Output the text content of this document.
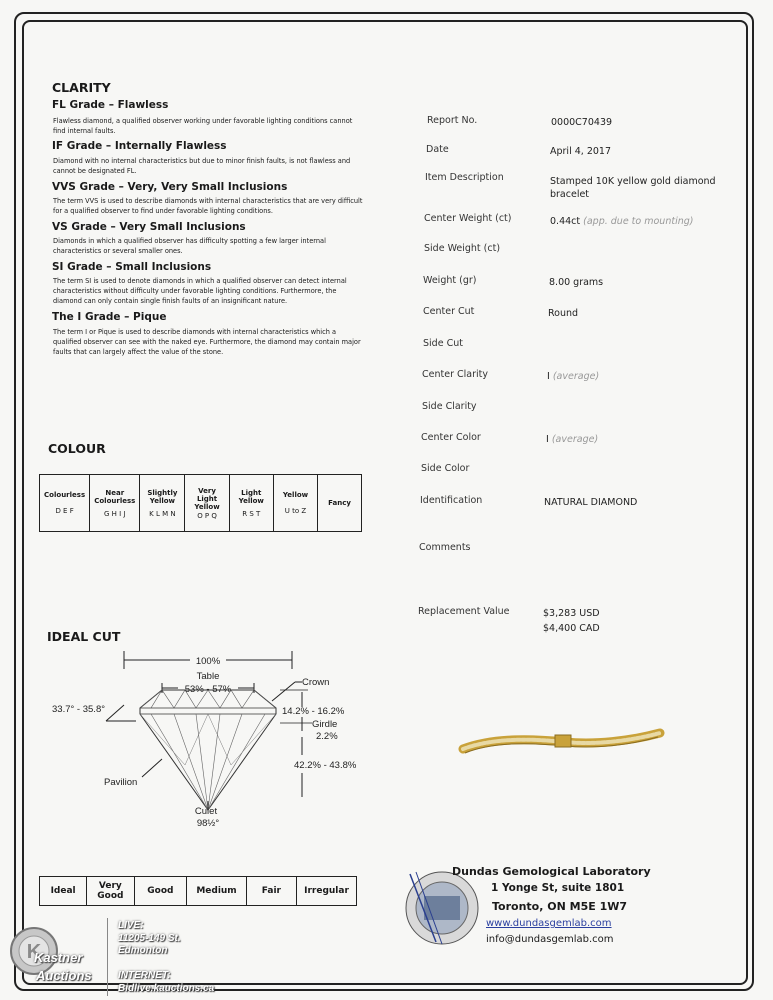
CLARITY
FL Grade – Flawless
Flawless diamond, a qualified observer working under favorable lighting conditions cannot find internal faults.
IF Grade – Internally Flawless
Diamond with no internal characteristics but due to minor finish faults, is not flawless and cannot be designated FL.
VVS Grade – Very, Very Small Inclusions
The term VVS is used to describe diamonds with internal characteristics that are very difficult for a qualified observer to find under favorable lighting conditions.
VS Grade – Very Small Inclusions
Diamonds in which a qualified observer has difficulty spotting a few larger internal characteristics or several smaller ones.
SI Grade – Small Inclusions
The term SI is used to denote diamonds in which a qualified observer can detect internal characteristics without difficulty under favorable lighting conditions. Furthermore, the diamond can only contain single finish faults of an insignificant nature.
The I Grade – Pique
The term I or Pique is used to describe diamonds with internal characteristics which a qualified observer can see with the naked eye. Furthermore, the diamond may contain major faults that can largely affect the value of the stone.
COLOUR
Colourless
D E F

Near Colourless
G H I J

Slightly Yellow
K L M N

Very Light Yellow
O P Q

Light Yellow
R S T

Yellow
U to Z

Fancy
IDEAL CUT
100%
Table
53% - 57%
33.7° - 35.8°
Crown
14.2% - 16.2%
Girdle
2.2%
42.2% - 43.8%
Pavilion
Culet
98½°
Ideal	Very Good	Good	Medium	Fair	Irregular
Report No.	0000C70439
Date	April 4, 2017
Item Description	Stamped 10K yellow gold diamond bracelet
Center Weight (ct)	0.44ct (app. due to mounting)
Side Weight (ct)
Weight (gr)	8.00 grams
Center Cut	Round
Side Cut
Center Clarity	I (average)
Side Clarity
Center Color	I (average)
Side Color
Identification	NATURAL DIAMOND
Comments
Replacement Value	$3,283 USD
$4,400 CAD
Dundas Gemological Laboratory
1 Yonge St, suite 1801
Toronto, ON M5E 1W7
www.dundasgemlab.com
info@dundasgemlab.com
K
Kastner
Auctions
LIVE:
11205-149 St.
Edmonton
INTERNET:
Bidlive.kauctions.ca
